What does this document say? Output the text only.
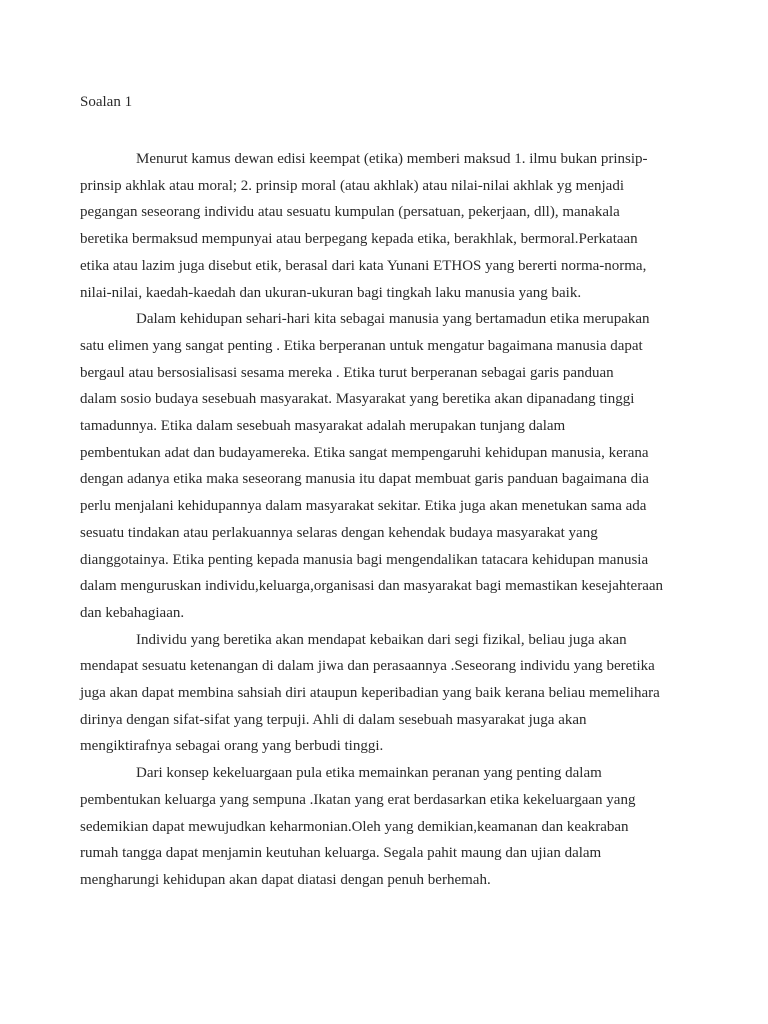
Soalan 1

Menurut kamus dewan edisi keempat (etika) memberi maksud 1. ilmu bukan prinsip-
prinsip akhlak atau moral; 2. prinsip moral (atau akhlak) atau nilai-nilai akhlak yg menjadi
pegangan seseorang individu atau sesuatu kumpulan (persatuan, pekerjaan, dll), manakala
beretika bermaksud mempunyai atau berpegang kepada etika, berakhlak, bermoral.Perkataan
etika atau lazim juga disebut etik, berasal dari kata Yunani ETHOS yang bererti norma-norma,
nilai-nilai, kaedah-kaedah dan ukuran-ukuran bagi tingkah laku manusia yang baik.

Dalam kehidupan sehari-hari kita sebagai manusia yang bertamadun etika merupakan
satu elimen yang sangat penting . Etika berperanan untuk mengatur bagaimana manusia dapat
bergaul atau bersosialisasi sesama mereka . Etika turut berperanan sebagai garis panduan
dalam sosio budaya sesebuah masyarakat. Masyarakat yang beretika akan dipanadang tinggi
tamadunnya. Etika dalam sesebuah masyarakat adalah merupakan tunjang dalam
pembentukan adat dan budayamereka. Etika sangat mempengaruhi kehidupan manusia, kerana
dengan adanya etika maka seseorang manusia itu dapat membuat garis panduan bagaimana dia
perlu menjalani kehidupannya dalam masyarakat sekitar. Etika juga akan menetukan sama ada
sesuatu tindakan atau perlakuannya selaras dengan kehendak budaya masyarakat yang
dianggotainya. Etika penting kepada manusia bagi mengendalikan tatacara kehidupan manusia
dalam menguruskan individu,keluarga,organisasi dan masyarakat bagi memastikan kesejahteraan
dan kebahagiaan.

Individu yang beretika akan mendapat kebaikan dari segi fizikal, beliau juga akan
mendapat sesuatu ketenangan di dalam jiwa dan perasaannya .Seseorang individu yang beretika
juga akan dapat membina sahsiah diri ataupun keperibadian yang baik kerana beliau memelihara
dirinya dengan sifat-sifat yang terpuji. Ahli di dalam sesebuah masyarakat juga akan
mengiktirafnya sebagai orang yang berbudi tinggi.

Dari konsep kekeluargaan pula etika memainkan peranan yang penting dalam
pembentukan keluarga yang sempuna .Ikatan yang erat berdasarkan etika kekeluargaan yang
sedemikian dapat mewujudkan keharmonian.Oleh yang demikian,keamanan dan keakraban
rumah tangga dapat menjamin keutuhan keluarga. Segala pahit maung dan ujian dalam
mengharungi kehidupan akan dapat diatasi dengan penuh berhemah.
